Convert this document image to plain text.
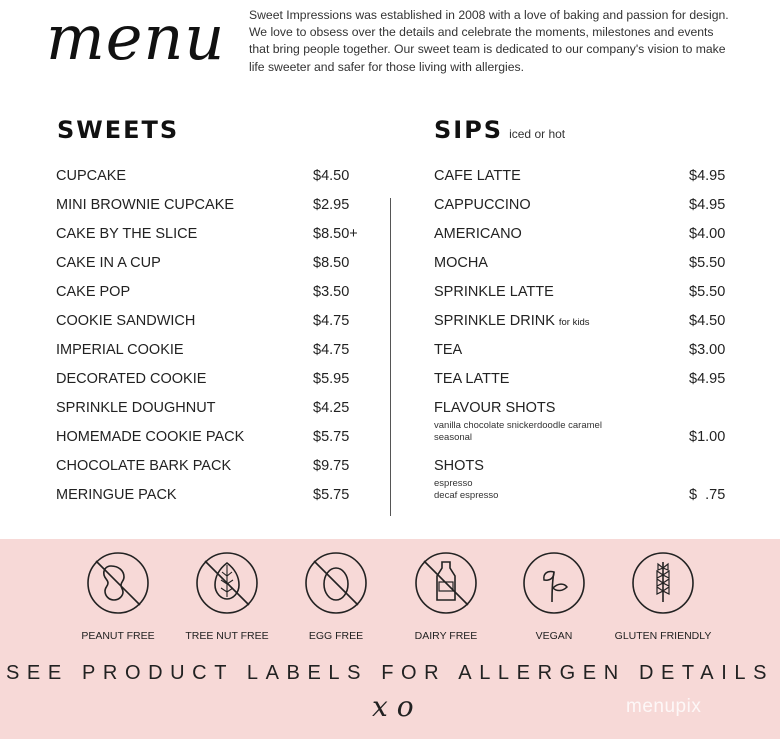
menu Sweet Impressions was established in 2008 with a love of baking and passion for design. We love to obsess over the details and celebrate the moments, milestones and events that bring people together. Our sweet team is dedicated to our company's vision to make life sweeter and safer for those living with allergies.
SWEETS
CUPCAKE	$4.50
MINI BROWNIE CUPCAKE	$2.95
CAKE BY THE SLICE	$8.50+
CAKE IN A CUP	$8.50
CAKE POP	$3.50
COOKIE SANDWICH	$4.75
IMPERIAL COOKIE	$4.75
DECORATED COOKIE	$5.95
SPRINKLE DOUGHNUT	$4.25
HOMEMADE COOKIE PACK	$5.75
CHOCOLATE BARK PACK	$9.75
MERINGUE PACK	$5.75
SIPS iced or hot
CAFE LATTE	$4.95
CAPPUCCINO	$4.95
AMERICANO	$4.00
MOCHA	$5.50
SPRINKLE LATTE	$5.50
SPRINKLE DRINK for kids	$4.50
TEA	$3.00
TEA LATTE	$4.95
FLAVOUR SHOTS
vanilla chocolate snickerdoodle caramel
seasonal	$1.00
SHOTS
espresso
decaf espresso	$  .75
PEANUT FREE	TREE NUT FREE	EGG FREE	DAIRY FREE	VEGAN	GLUTEN FRIENDLY
SEE PRODUCT LABELS FOR ALLERGEN DETAILS
x o	menupix
